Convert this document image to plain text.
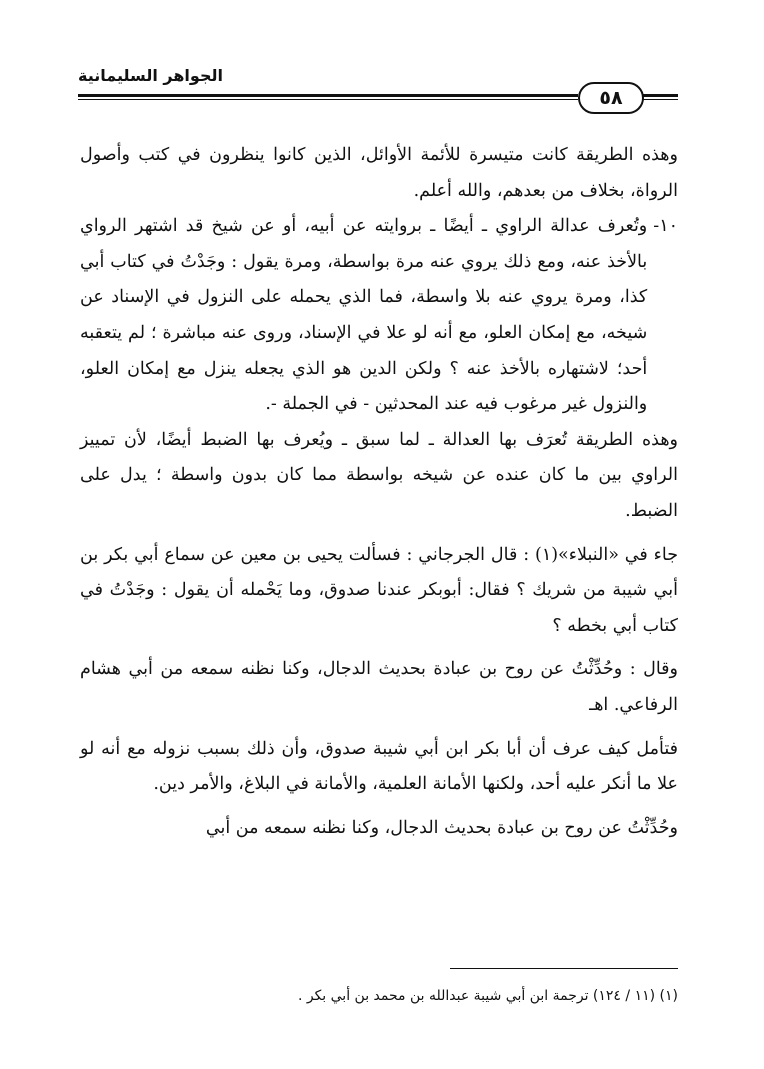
الجواهر السليمانية
٥٨

وهذه الطريقة كانت متيسرة للأئمة الأوائل، الذين كانوا ينظرون في كتب وأصول الرواة، بخلاف من بعدهم، والله أعلم.

١٠-
وتُعرف عدالة الراوي ـ أيضًا ـ بروايته عن أبيه، أو عن شيخ قد اشتهر الرواي بالأخذ عنه، ومع ذلك يروي عنه مرة بواسطة، ومرة يقول : وجَدْتُ في كتاب أبي كذا، ومرة يروي عنه بلا واسطة، فما الذي يحمله على النزول في الإسناد عن شيخه، مع إمكان العلو، مع أنه لو علا في الإسناد، وروى عنه مباشرة ؛ لم يتعقبه أحد؛ لاشتهاره بالأخذ عنه ؟ ولكن الدين هو الذي يجعله ينزل مع إمكان العلو، والنزول غير مرغوب فيه عند المحدثين - في الجملة -.

وهذه الطريقة تُعرَف بها العدالة ـ لما سبق ـ ويُعرف بها الضبط أيضًا، لأن تمييز الراوي بين ما كان عنده عن شيخه بواسطة مما كان بدون واسطة ؛ يدل على الضبط.

جاء في «النبلاء»(١) : قال الجرجاني : فسألت يحيى بن معين عن سماع أبي بكر بن أبي شيبة من شريك ؟ فقال: أبوبكر عندنا صدوق، وما يَحْمله أن يقول : وجَدْتُ في كتاب أبي بخطه ؟

وقال : وحُدِّثْتُ عن روح بن عبادة بحديث الدجال، وكنا نظنه سمعه من أبي هشام الرفاعي. اهـ

فتأمل كيف عرف أن أبا بكر ابن أبي شيبة صدوق، وأن ذلك بسبب نزوله مع أنه لو علا ما أنكر عليه أحد، ولكنها الأمانة العلمية، والأمانة في البلاغ، والأمر دين.

وحُدِّثْتُ عن روح بن عبادة بحديث الدجال، وكنا نظنه سمعه من أبي

(١) (١١ / ١٢٤) ترجمة ابن أبي شيبة عبدالله بن محمد بن أبي بكر .
